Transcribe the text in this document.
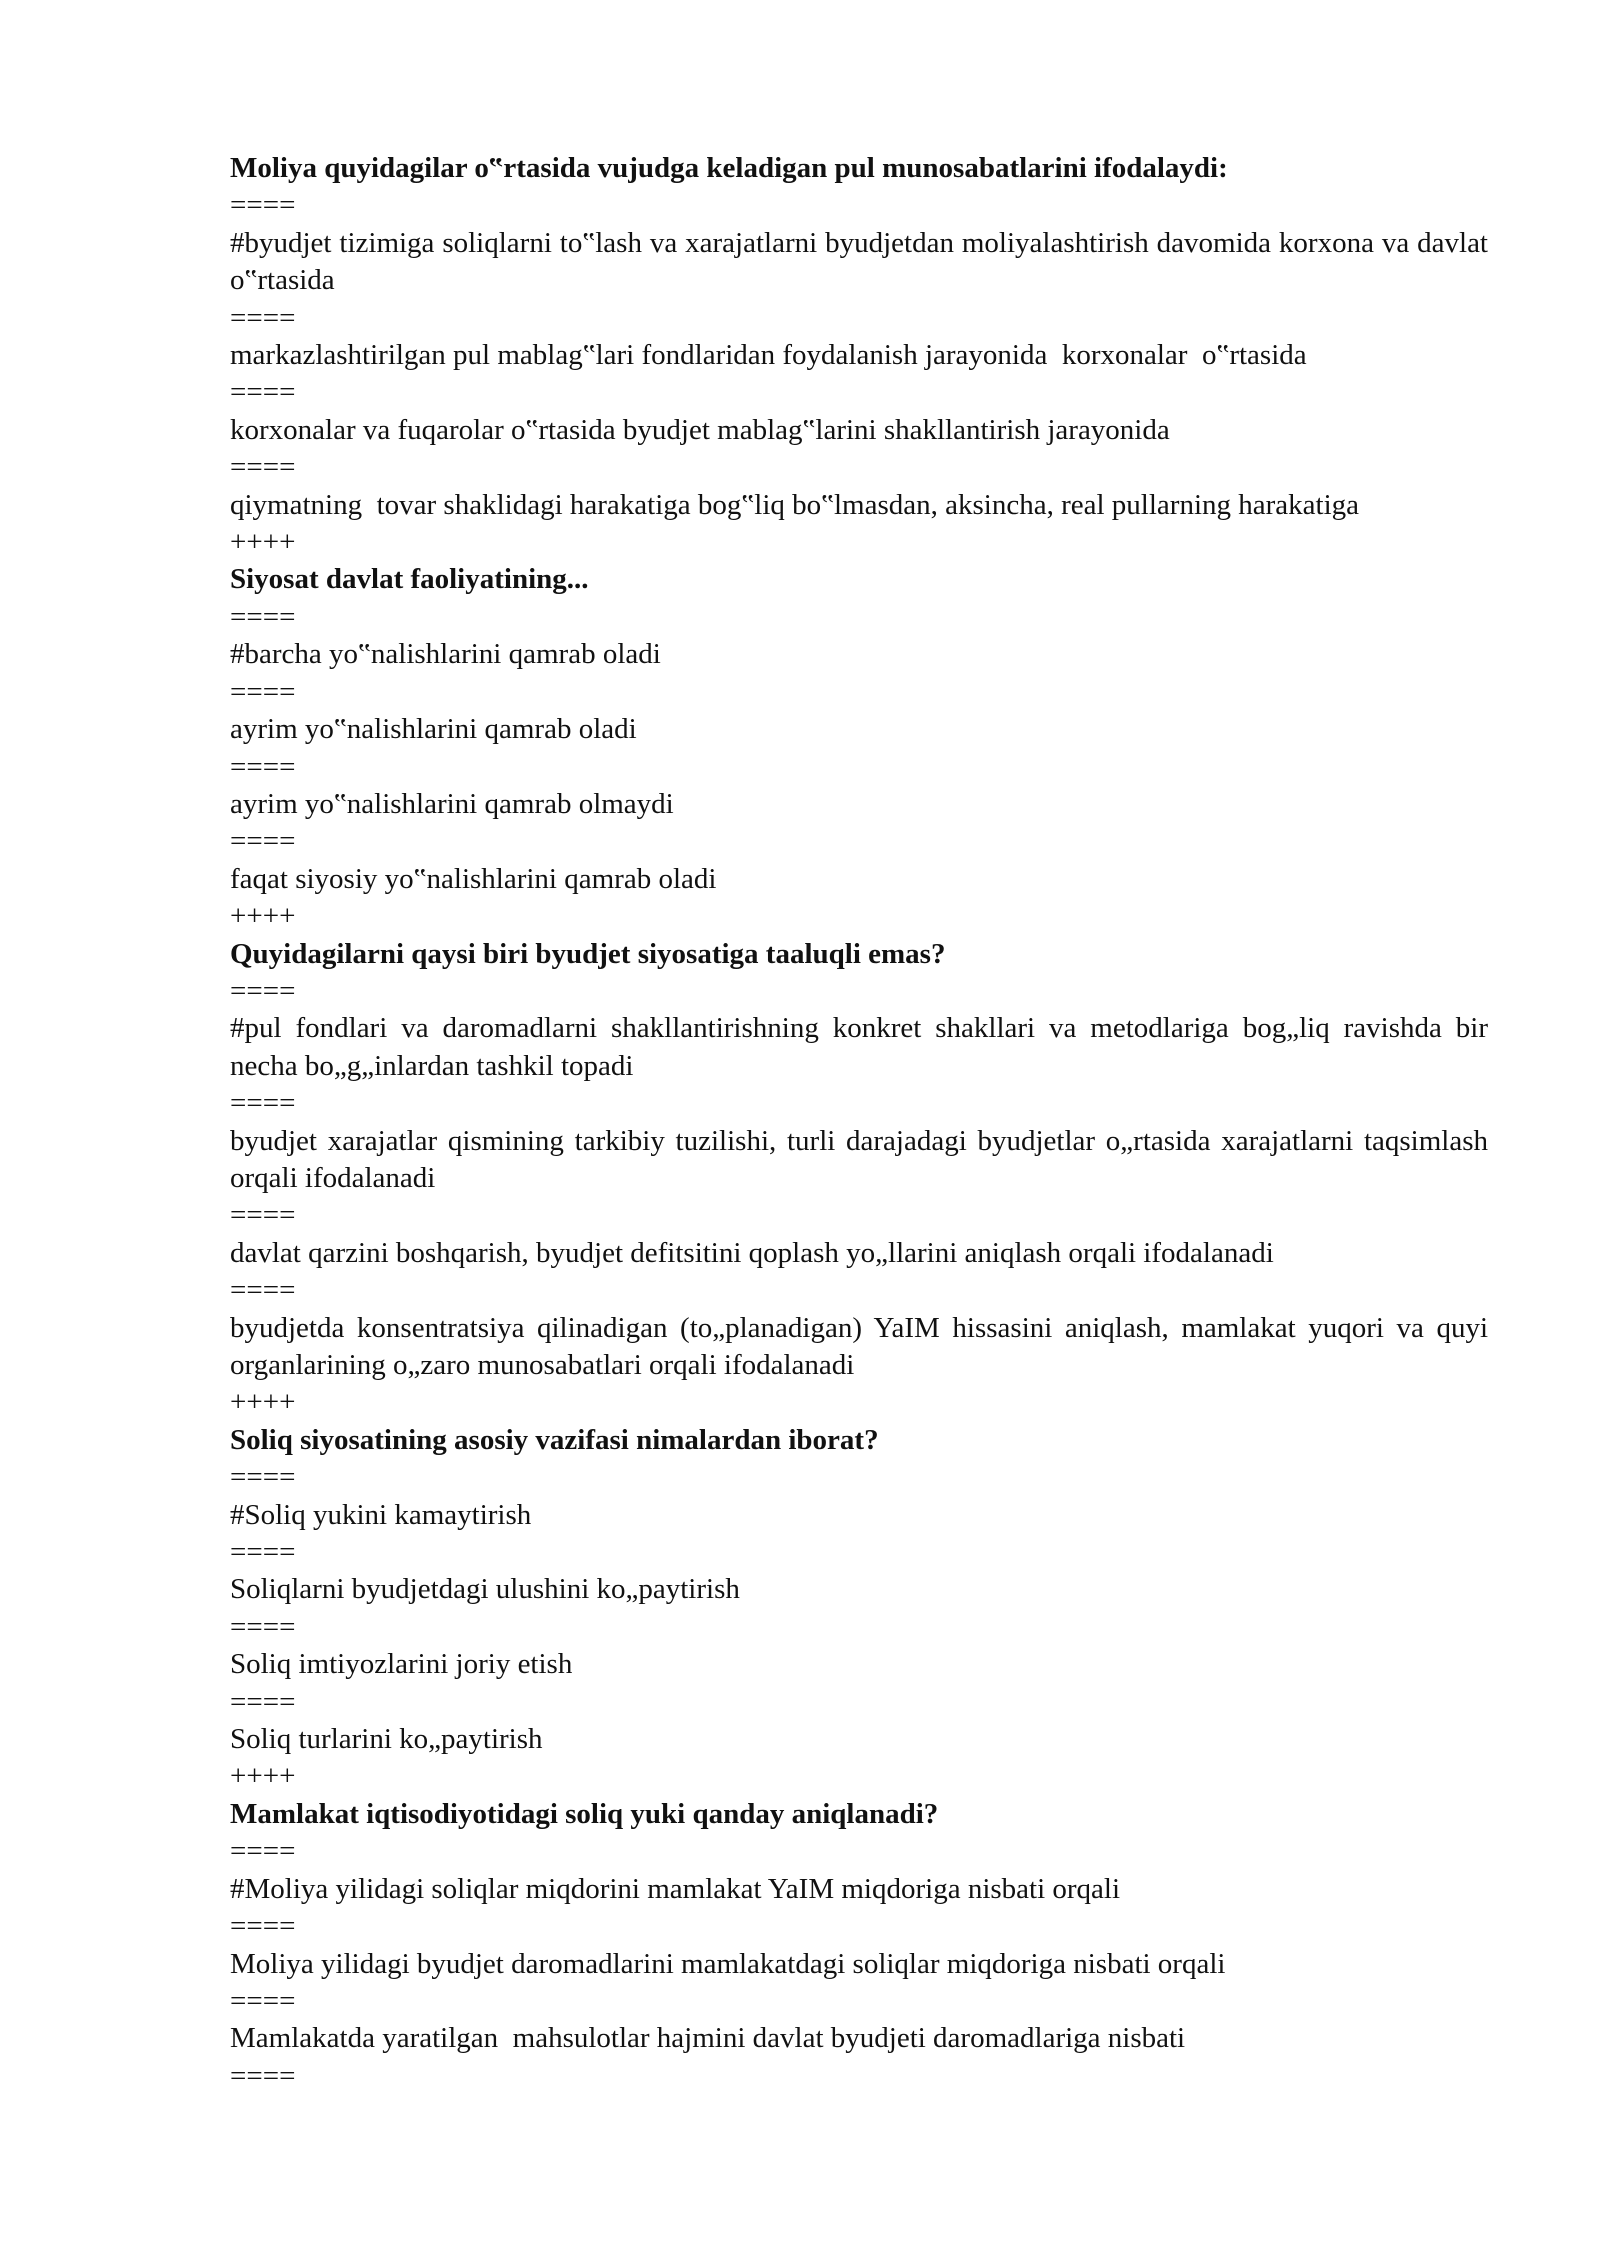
Moliya quyidagilar o‟rtasida vujudga keladigan pul munosabatlarini ifodalaydi:
====
#byudjet tizimiga soliqlarni to‟lash va xarajatlarni byudjetdan moliyalashtirish davomida korxona va davlat o‟rtasida
====
markazlashtirilgan pul mablag‟lari fondlaridan foydalanish jarayonida  korxonalar  o‟rtasida
====
korxonalar va fuqarolar o‟rtasida byudjet mablag‟larini shakllantirish jarayonida
====
qiymatning  tovar shaklidagi harakatiga bog‟liq bo‟lmasdan, aksincha, real pullarning harakatiga
++++
Siyosat davlat faoliyatining...
====
#barcha yo‟nalishlarini qamrab oladi
====
ayrim yo‟nalishlarini qamrab oladi
====
ayrim yo‟nalishlarini qamrab olmaydi
====
faqat siyosiy yo‟nalishlarini qamrab oladi
++++
Quyidagilarni qaysi biri byudjet siyosatiga taaluqli emas?
====
#pul fondlari va daromadlarni shakllantirishning konkret shakllari va metodlariga bog„liq ravishda bir necha bo„g„inlardan tashkil topadi
====
byudjet xarajatlar qismining tarkibiy tuzilishi, turli darajadagi byudjetlar o„rtasida xarajatlarni taqsimlash orqali ifodalanadi
====
davlat qarzini boshqarish, byudjet defitsitini qoplash yo„llarini aniqlash orqali ifodalanadi
====
byudjetda konsentratsiya qilinadigan (to„planadigan) YaIM hissasini aniqlash, mamlakat yuqori va quyi organlarining o„zaro munosabatlari orqali ifodalanadi
++++
Soliq siyosatining asosiy vazifasi nimalardan iborat?
====
#Soliq yukini kamaytirish
====
Soliqlarni byudjetdagi ulushini ko„paytirish
====
Soliq imtiyozlarini joriy etish
====
Soliq turlarini ko„paytirish
++++
Mamlakat iqtisodiyotidagi soliq yuki qanday aniqlanadi?
====
#Moliya yilidagi soliqlar miqdorini mamlakat YaIM miqdoriga nisbati orqali
====
Moliya yilidagi byudjet daromadlarini mamlakatdagi soliqlar miqdoriga nisbati orqali
====
Mamlakatda yaratilgan  mahsulotlar hajmini davlat byudjeti daromadlariga nisbati
====
